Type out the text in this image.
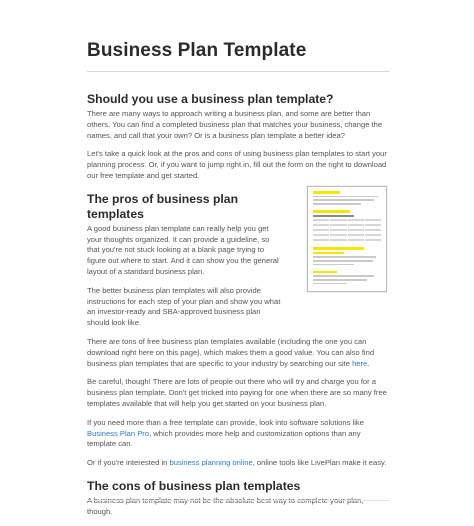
Business Plan Template
Should you use a business plan template?

There are many ways to approach writing a business plan, and some are better than others. You can find a completed business plan that matches your business, change the names, and call that your own? Or is a business plan template a better idea?

Let's take a quick look at the pros and cons of using business plan templates to start your planning process. Or, if you want to jump right in, fill out the form on the right to download our free template and get started.

The pros of business plan templates

A good business plan template can really help you get your thoughts organized. It can provide a guideline, so that you're not stuck looking at a blank page trying to figure out where to start. And it can show you the general layout of a standard business plan.

The better business plan templates will also provide instructions for each step of your plan and show you what an investor-ready and SBA-approved business plan should look like.

There are tons of free business plan templates available (including the one you can download right here on this page), which makes them a good value. You can also find business plan templates that are specific to your industry by searching our site here.

Be careful, though! There are lots of people out there who will try and charge you for a business plan template. Don't get tricked into paying for one when there are so many free templates available that will help you get started on your business plan.

If you need more than a free template can provide, look into software solutions like Business Plan Pro, which provides more help and customization options than any template can.

Or if you're interested in business planning online, online tools like LivePlan make it easy.

The cons of business plan templates

though.
